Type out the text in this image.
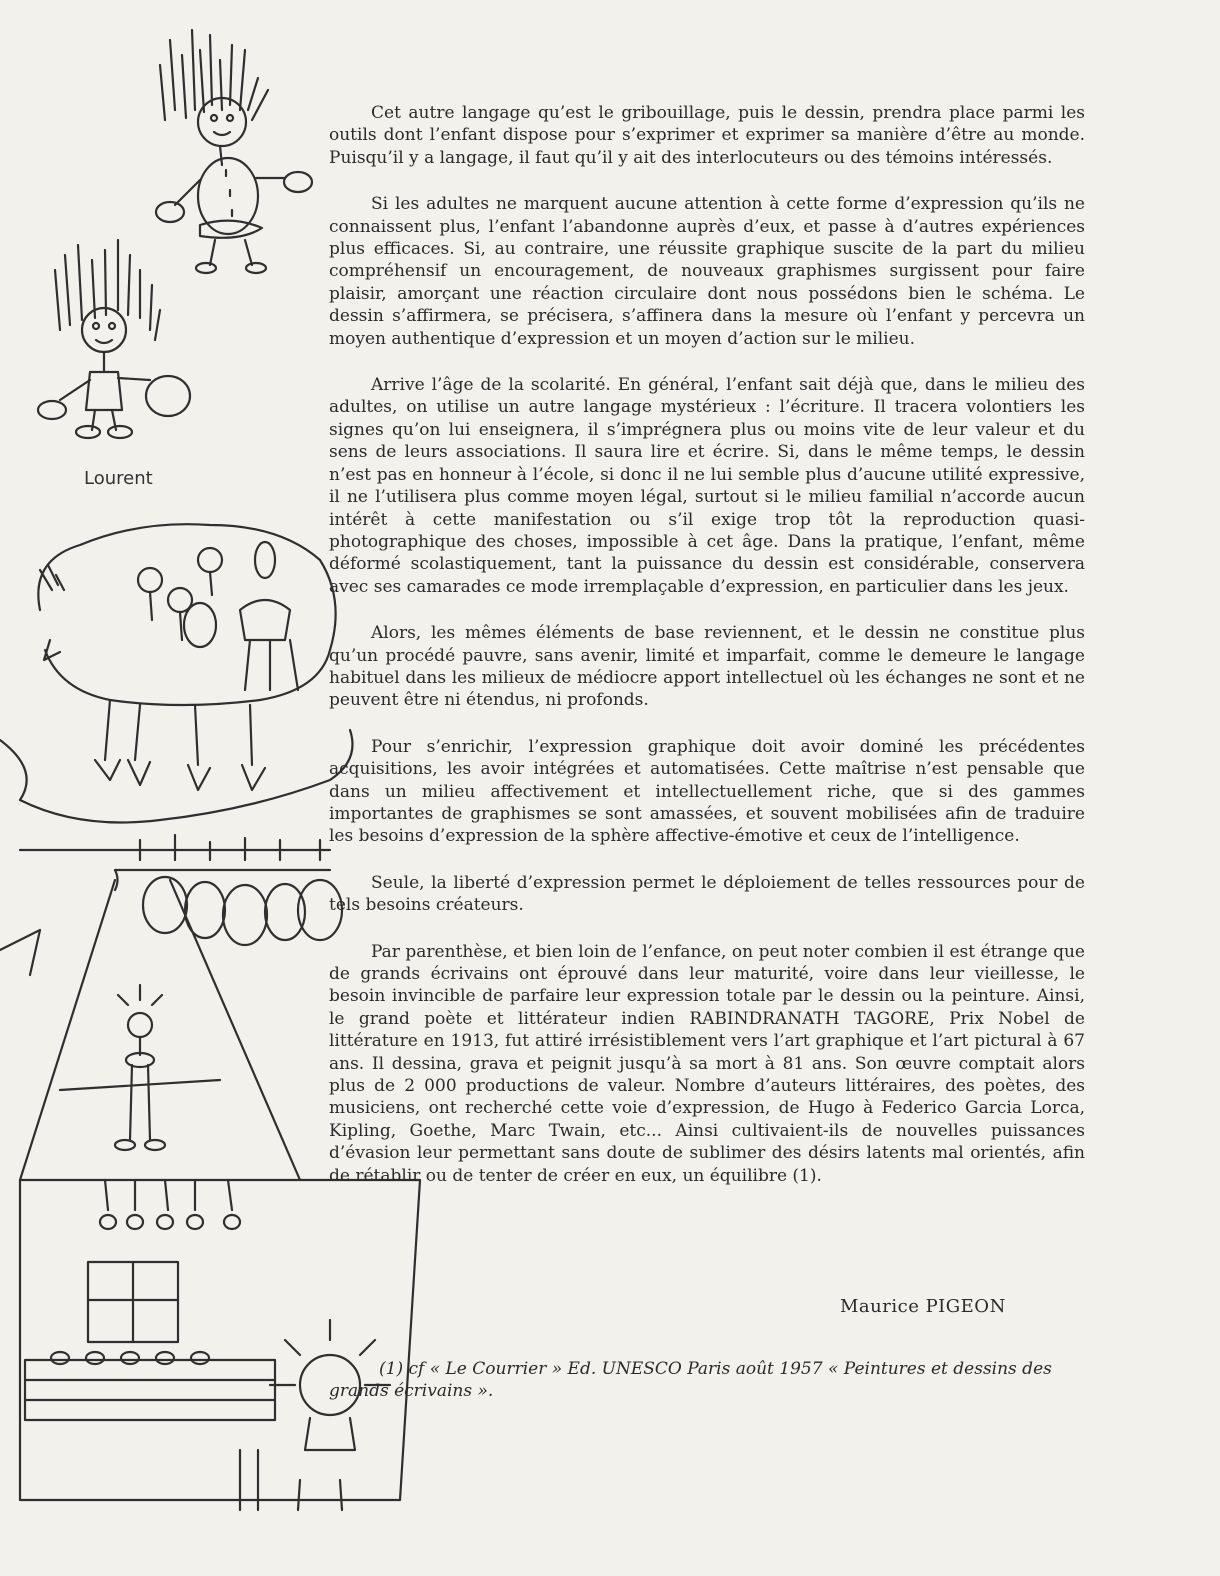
Lourent

Cet autre langage qu’est le gribouillage, puis le dessin, prendra place parmi les outils dont l’enfant dispose pour s’exprimer et exprimer sa manière d’être au monde. Puisqu’il y a langage, il faut qu’il y ait des interlocuteurs ou des témoins intéressés.

Si les adultes ne marquent aucune attention à cette forme d’expression qu’ils ne connaissent plus, l’enfant l’abandonne auprès d’eux, et passe à d’autres expériences plus efficaces. Si, au contraire, une réussite graphique suscite de la part du milieu compréhensif un encouragement, de nouveaux graphismes surgissent pour faire plaisir, amorçant une réaction circulaire dont nous possédons bien le schéma. Le dessin s’affirmera, se précisera, s’affinera dans la mesure où l’enfant y percevra un moyen authentique d’expression et un moyen d’action sur le milieu.

Arrive l’âge de la scolarité. En général, l’enfant sait déjà que, dans le milieu des adultes, on utilise un autre langage mystérieux : l’écriture. Il tracera volontiers les signes qu’on lui enseignera, il s’imprégnera plus ou moins vite de leur valeur et du sens de leurs associations. Il saura lire et écrire. Si, dans le même temps, le dessin n’est pas en honneur à l’école, si donc il ne lui semble plus d’aucune utilité expressive, il ne l’utilisera plus comme moyen légal, surtout si le milieu familial n’accorde aucun intérêt à cette manifestation ou s’il exige trop tôt la reproduction quasi-photographique des choses, impossible à cet âge. Dans la pratique, l’enfant, même déformé scolastiquement, tant la puissance du dessin est considérable, conservera avec ses camarades ce mode irremplaçable d’expression, en particulier dans les jeux.

Alors, les mêmes éléments de base reviennent, et le dessin ne constitue plus qu’un procédé pauvre, sans avenir, limité et imparfait, comme le demeure le langage habituel dans les milieux de médiocre apport intellectuel où les échanges ne sont et ne peuvent être ni étendus, ni profonds.

Pour s’enrichir, l’expression graphique doit avoir dominé les précédentes acquisitions, les avoir intégrées et automatisées. Cette maîtrise n’est pensable que dans un milieu affectivement et intellectuellement riche, que si des gammes importantes de graphismes se sont amassées, et souvent mobilisées afin de traduire les besoins d’expression de la sphère affective-émotive et ceux de l’intelligence.

Seule, la liberté d’expression permet le déploiement de telles ressources pour de tels besoins créateurs.

Par parenthèse, et bien loin de l’enfance, on peut noter combien il est étrange que de grands écrivains ont éprouvé dans leur maturité, voire dans leur vieillesse, le besoin invincible de parfaire leur expression totale par le dessin ou la peinture. Ainsi, le grand poète et littérateur indien RABINDRANATH TAGORE, Prix Nobel de littérature en 1913, fut attiré irrésistiblement vers l’art graphique et l’art pictural à 67 ans. Il dessina, grava et peignit jusqu’à sa mort à 81 ans. Son œuvre comptait alors plus de 2 000 productions de valeur. Nombre d’auteurs littéraires, des poètes, des musiciens, ont recherché cette voie d’expression, de Hugo à Federico Garcia Lorca, Kipling, Goethe, Marc Twain, etc... Ainsi cultivaient-ils de nouvelles puissances d’évasion leur permettant sans doute de sublimer des désirs latents mal orientés, afin de rétablir ou de tenter de créer en eux, un équilibre (1).

Maurice PIGEON
(1) cf « Le Courrier » Ed. UNESCO Paris août 1957 « Peintures et dessins des grands écrivains ».
